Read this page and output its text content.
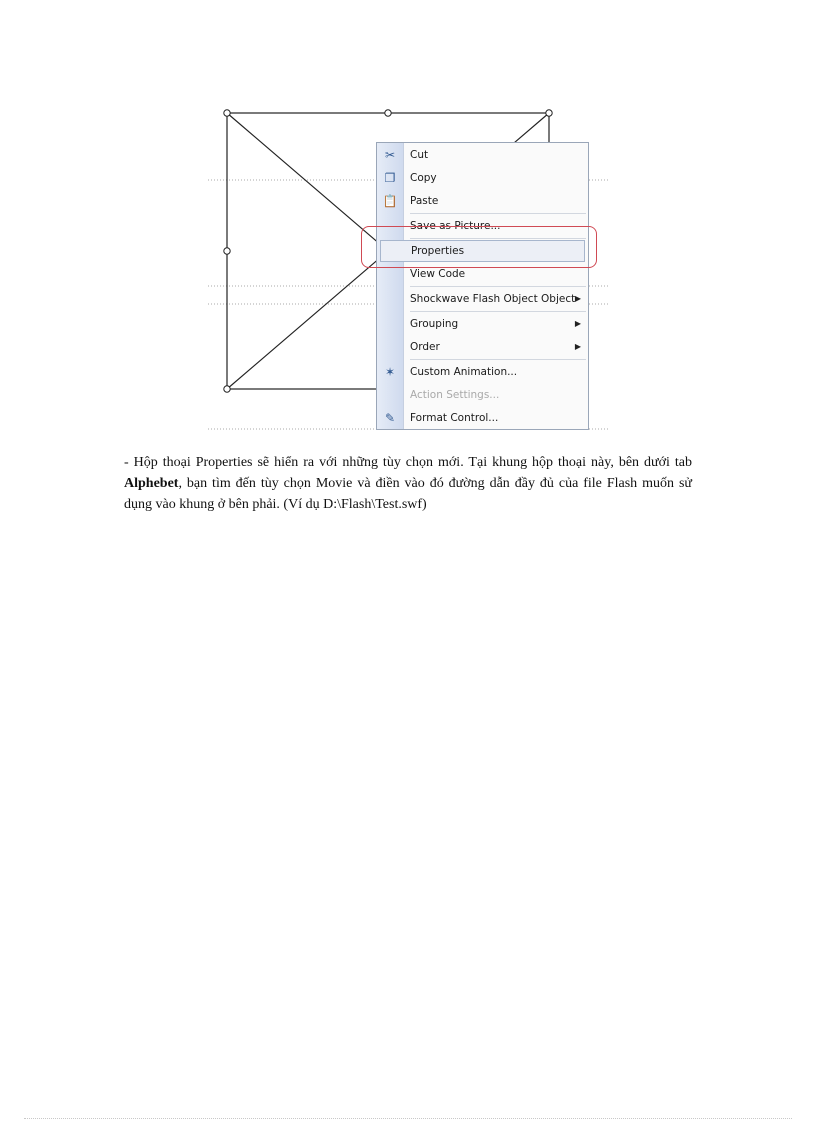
✂ Cut
❐ Copy
📋 Paste
Save as Picture...
Properties
View Code
Shockwave Flash Object Object ▶
Grouping	▶
Order	▶
✶ Custom Animation...
Action Settings...
✎ Format Control...
- Hộp thoại Properties sẽ hiển ra với những tùy chọn mới. Tại khung hộp thoại này, bên dưới tab Alphebet, bạn tìm đến tùy chọn Movie và điền vào đó đường dẫn đầy đủ của file Flash muốn sử dụng vào khung ở bên phải. (Ví dụ D:\Flash\Test.swf)
